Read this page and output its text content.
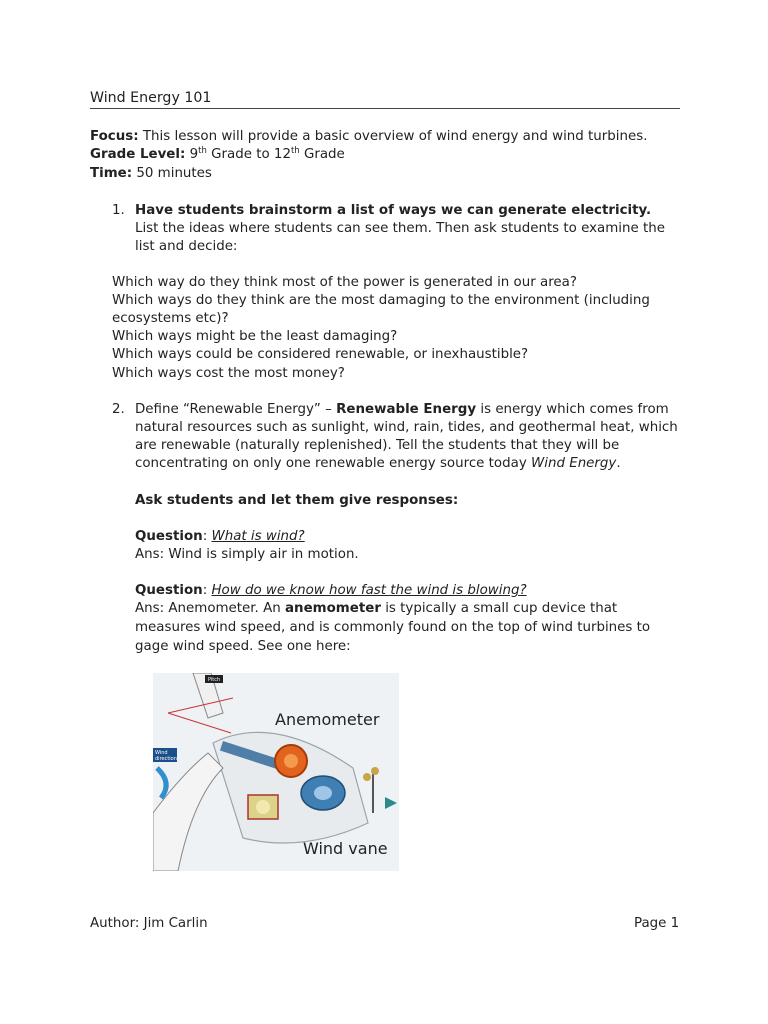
Wind Energy 101
Focus: This lesson will provide a basic overview of wind energy and wind turbines.
Grade Level: 9th Grade to 12th Grade
Time: 50 minutes
1. Have students brainstorm a list of ways we can generate electricity.
List the ideas where students can see them. Then ask students to examine the
list and decide:
Which way do they think most of the power is generated in our area?
Which ways do they think are the most damaging to the environment (including
ecosystems etc)?
Which ways might be the least damaging?
Which ways could be considered renewable, or inexhaustible?
Which ways cost the most money?
2. Define “Renewable Energy” – Renewable Energy is energy which comes from
natural resources such as sunlight, wind, rain, tides, and geothermal heat, which
are renewable (naturally replenished). Tell the students that they will be
concentrating on only one renewable energy source today Wind Energy.
Ask students and let them give responses:
Question: What is wind?
Ans: Wind is simply air in motion.
Question: How do we know how fast the wind is blowing?
Ans: Anemometer. An anemometer is typically a small cup device that
measures wind speed, and is commonly found on the top of wind turbines to
gage wind speed. See one here:
Wind
direction
Pitch
Anemometer
Wind vane
Author: Jim Carlin	Page 1
